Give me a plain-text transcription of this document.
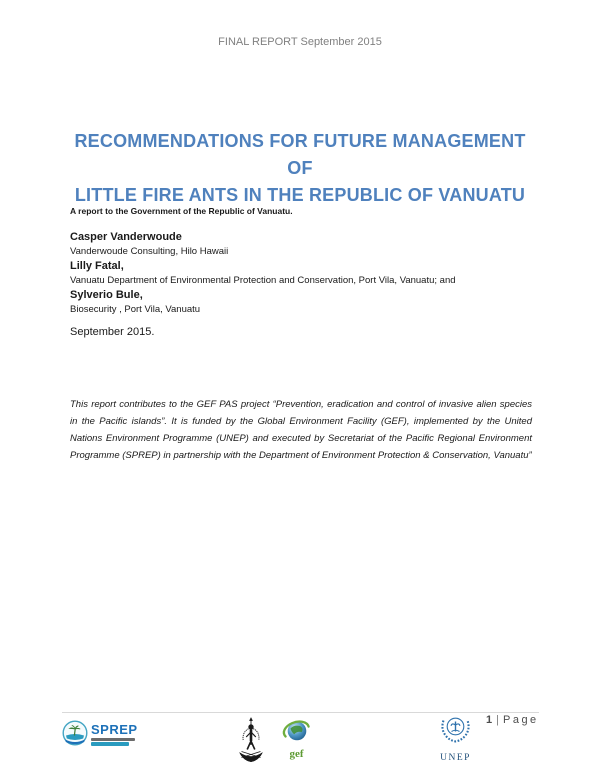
FINAL REPORT September 2015
RECOMMENDATIONS FOR FUTURE MANAGEMENT OF
LITTLE FIRE ANTS IN THE REPUBLIC OF VANUATU
A report to the Government of the Republic of Vanuatu.
Casper Vanderwoude
Vanderwoude Consulting, Hilo Hawaii
Lilly Fatal,
Vanuatu Department of Environmental Protection and Conservation, Port Vila, Vanuatu; and
Sylverio Bule,
Biosecurity , Port Vila, Vanuatu
September 2015.

This report contributes to the GEF PAS project “Prevention, eradication and control of invasive alien species in the Pacific islands”. It is funded by the Global Environment Facility (GEF), implemented by the United Nations Environment Programme (UNEP) and executed by Secretariat of the Pacific Regional Environment Programme (SPREP) in partnership with the Department of Environment Protection & Conservation, Vanuatu”

SPREP
gef	UNEP
1 | Page
